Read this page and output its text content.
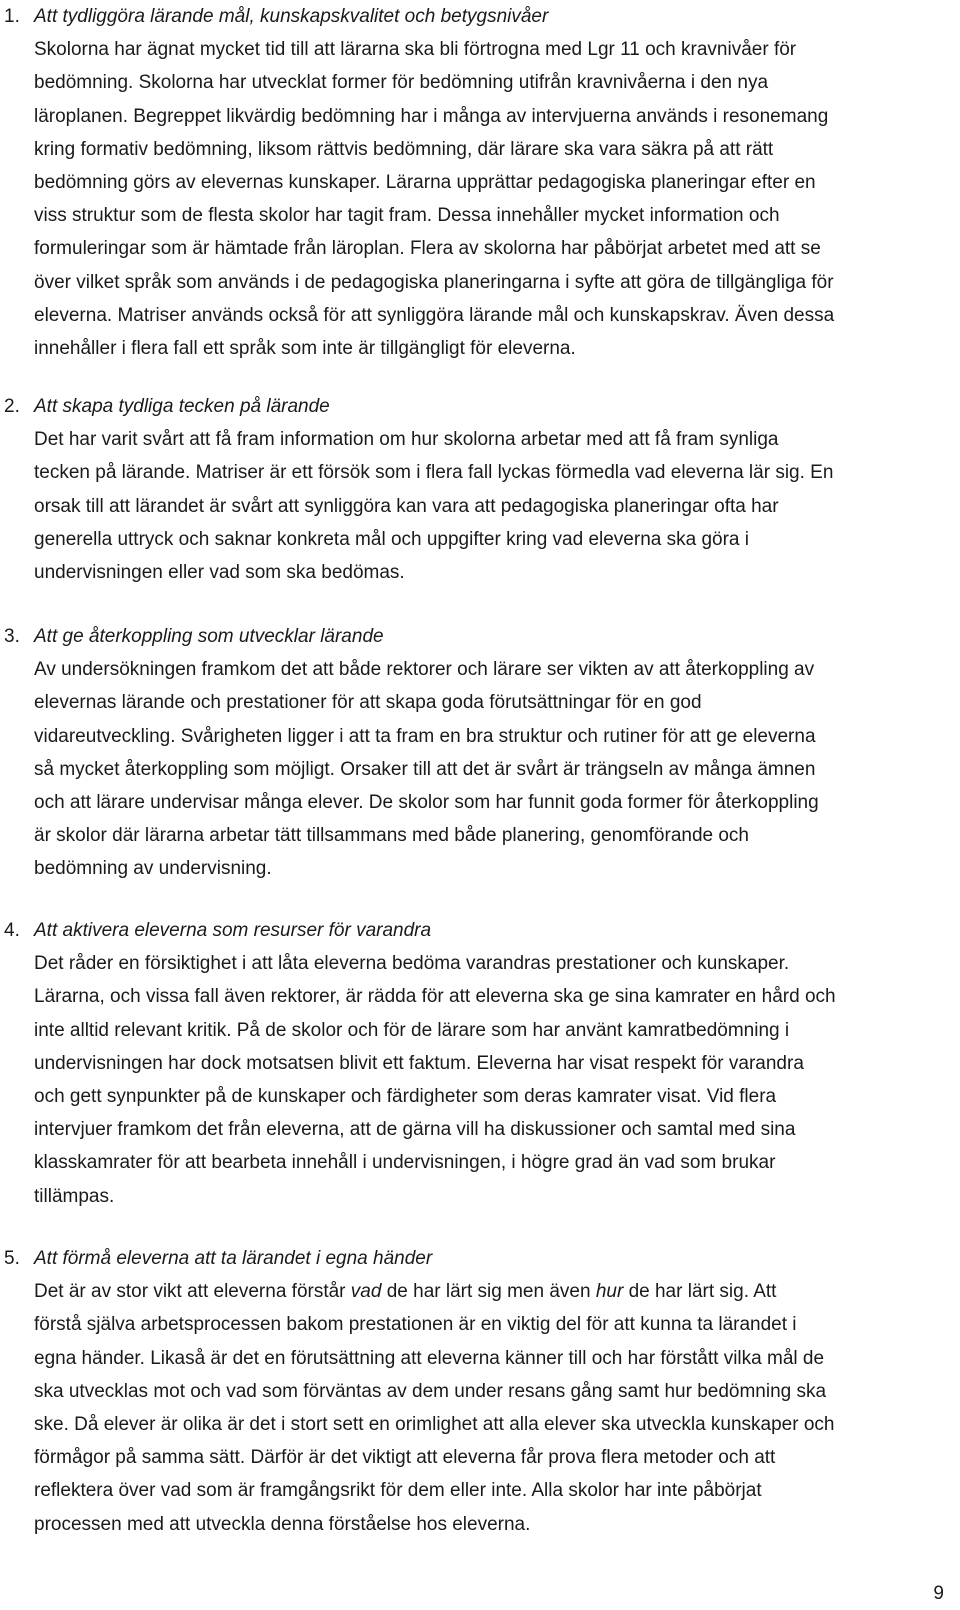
1. Att tydliggöra lärande mål, kunskapskvalitet och betygsnivåer
Skolorna har ägnat mycket tid till att lärarna ska bli förtrogna med Lgr 11 och kravnivåer för
bedömning. Skolorna har utvecklat former för bedömning utifrån kravnivåerna i den nya
läroplanen. Begreppet likvärdig bedömning har i många av intervjuerna används i resonemang
kring formativ bedömning, liksom rättvis bedömning, där lärare ska vara säkra på att rätt
bedömning görs av elevernas kunskaper. Lärarna upprättar pedagogiska planeringar efter en
viss struktur som de flesta skolor har tagit fram. Dessa innehåller mycket information och
formuleringar som är hämtade från läroplan. Flera av skolorna har påbörjat arbetet med att se
över vilket språk som används i de pedagogiska planeringarna i syfte att göra de tillgängliga för
eleverna. Matriser används också för att synliggöra lärande mål och kunskapskrav. Även dessa
innehåller i flera fall ett språk som inte är tillgängligt för eleverna.
2. Att skapa tydliga tecken på lärande
Det har varit svårt att få fram information om hur skolorna arbetar med att få fram synliga
tecken på lärande. Matriser är ett försök som i flera fall lyckas förmedla vad eleverna lär sig. En
orsak till att lärandet är svårt att synliggöra kan vara att pedagogiska planeringar ofta har
generella uttryck och saknar konkreta mål och uppgifter kring vad eleverna ska göra i
undervisningen eller vad som ska bedömas.
3. Att ge återkoppling som utvecklar lärande
Av undersökningen framkom det att både rektorer och lärare ser vikten av att återkoppling av
elevernas lärande och prestationer för att skapa goda förutsättningar för en god
vidareutveckling. Svårigheten ligger i att ta fram en bra struktur och rutiner för att ge eleverna
så mycket återkoppling som möjligt. Orsaker till att det är svårt är trängseln av många ämnen
och att lärare undervisar många elever. De skolor som har funnit goda former för återkoppling
är skolor där lärarna arbetar tätt tillsammans med både planering, genomförande och
bedömning av undervisning.
4. Att aktivera eleverna som resurser för varandra
Det råder en försiktighet i att låta eleverna bedöma varandras prestationer och kunskaper.
Lärarna, och vissa fall även rektorer, är rädda för att eleverna ska ge sina kamrater en hård och
inte alltid relevant kritik. På de skolor och för de lärare som har använt kamratbedömning i
undervisningen har dock motsatsen blivit ett faktum. Eleverna har visat respekt för varandra
och gett synpunkter på de kunskaper och färdigheter som deras kamrater visat. Vid flera
intervjuer framkom det från eleverna, att de gärna vill ha diskussioner och samtal med sina
klasskamrater för att bearbeta innehåll i undervisningen, i högre grad än vad som brukar
tillämpas.
5. Att förmå eleverna att ta lärandet i egna händer
Det är av stor vikt att eleverna förstår vad de har lärt sig men även hur de har lärt sig. Att
förstå själva arbetsprocessen bakom prestationen är en viktig del för att kunna ta lärandet i
egna händer. Likaså är det en förutsättning att eleverna känner till och har förstått vilka mål de
ska utvecklas mot och vad som förväntas av dem under resans gång samt hur bedömning ska
ske. Då elever är olika är det i stort sett en orimlighet att alla elever ska utveckla kunskaper och
förmågor på samma sätt. Därför är det viktigt att eleverna får prova flera metoder och att
reflektera över vad som är framgångsrikt för dem eller inte. Alla skolor har inte påbörjat
processen med att utveckla denna förståelse hos eleverna.
9
